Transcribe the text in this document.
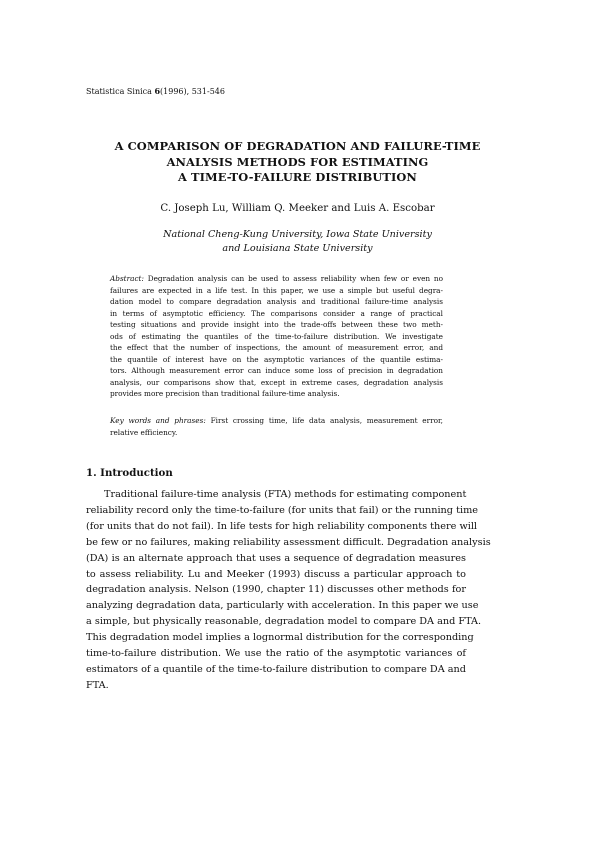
Statistica Sinica 6(1996), 531-546
A COMPARISON OF DEGRADATION AND FAILURE-TIME
ANALYSIS METHODS FOR ESTIMATING
A TIME-TO-FAILURE DISTRIBUTION
C. Joseph Lu, William Q. Meeker and Luis A. Escobar
National Cheng-Kung University, Iowa State University
and Louisiana State University
Abstract: Degradation analysis can be used to assess reliability when few or even no
failures are expected in a life test. In this paper, we use a simple but useful degra-
dation model to compare degradation analysis and traditional failure-time analysis
in terms of asymptotic efficiency. The comparisons consider a range of practical
testing situations and provide insight into the trade-offs between these two meth-
ods of estimating the quantiles of the time-to-failure distribution. We investigate
the effect that the number of inspections, the amount of measurement error, and
the quantile of interest have on the asymptotic variances of the quantile estima-
tors. Although measurement error can induce some loss of precision in degradation
analysis, our comparisons show that, except in extreme cases, degradation analysis
provides more precision than traditional failure-time analysis.
Key words and phrases: First crossing time, life data analysis, measurement error,
relative efficiency.
1. Introduction
Traditional failure-time analysis (FTA) methods for estimating component
reliability record only the time-to-failure (for units that fail) or the running time
(for units that do not fail). In life tests for high reliability components there will
be few or no failures, making reliability assessment difficult. Degradation analysis
(DA) is an alternate approach that uses a sequence of degradation measures
to assess reliability. Lu and Meeker (1993) discuss a particular approach to
degradation analysis. Nelson (1990, chapter 11) discusses other methods for
analyzing degradation data, particularly with acceleration. In this paper we use
a simple, but physically reasonable, degradation model to compare DA and FTA.
This degradation model implies a lognormal distribution for the corresponding
time-to-failure distribution. We use the ratio of the asymptotic variances of
estimators of a quantile of the time-to-failure distribution to compare DA and
FTA.
